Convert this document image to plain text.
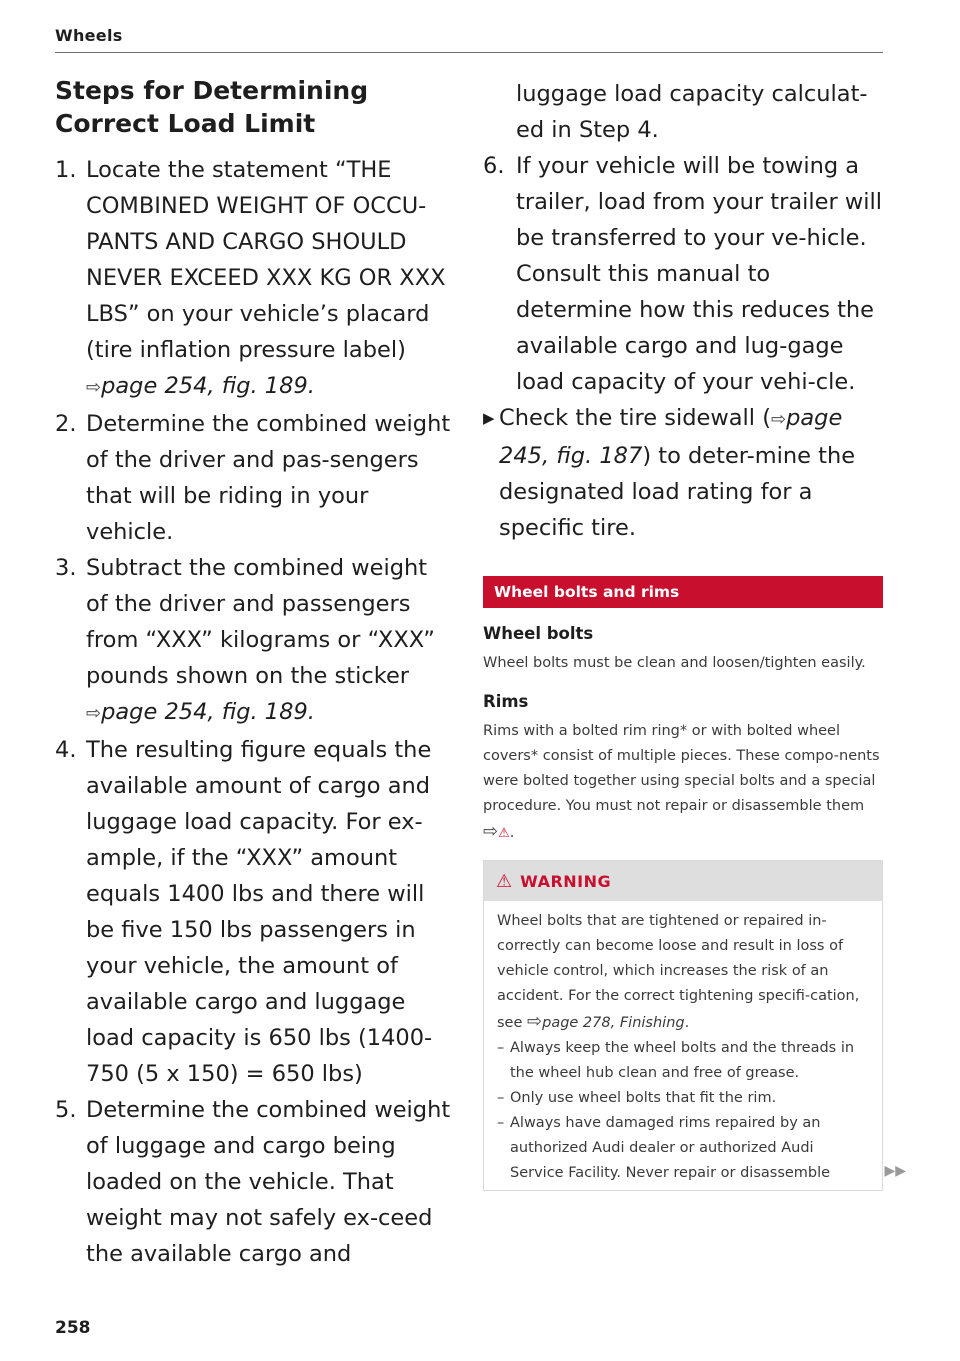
Wheels
Steps for Determining Correct Load Limit
1. Locate the statement “THE COMBINED WEIGHT OF OCCU-PANTS AND CARGO SHOULD NEVER EXCEED XXX KG OR XXX LBS” on your vehicle’s placard (tire inflation pressure label)
⇨page 254, fig. 189.
2. Determine the combined weight of the driver and pas-sengers that will be riding in your vehicle.
3. Subtract the combined weight of the driver and passengers from “XXX” kilograms or “XXX” pounds shown on the sticker
⇨page 254, fig. 189.
4. The resulting figure equals the available amount of cargo and luggage load capacity. For ex-ample, if the “XXX” amount equals 1400 lbs and there will be five 150 lbs passengers in your vehicle, the amount of available cargo and luggage load capacity is 650 lbs (1400-750 (5 x 150) = 650 lbs)
5. Determine the combined weight of luggage and cargo being loaded on the vehicle. That weight may not safely ex-ceed the available cargo and
258
luggage load capacity calculat-ed in Step 4.
6. If your vehicle will be towing a trailer, load from your trailer will be transferred to your ve-hicle. Consult this manual to determine how this reduces the available cargo and lug-gage load capacity of your vehi-cle.
▶ Check the tire sidewall (⇨page 245, fig. 187) to deter-mine the designated load rating for a specific tire.
Wheel bolts and rims
Wheel bolts
Wheel bolts must be clean and loosen/tighten easily.
Rims
Rims with a bolted rim ring* or with bolted wheel covers* consist of multiple pieces. These compo-nents were bolted together using special bolts and a special procedure. You must not repair or disassemble them ⇨⚠.
⚠ WARNING
Wheel bolts that are tightened or repaired in-correctly can become loose and result in loss of vehicle control, which increases the risk of an accident. For the correct tightening specifi-cation, see ⇨page 278, Finishing.
– Always keep the wheel bolts and the threads in the wheel hub clean and free of grease.
– Only use wheel bolts that fit the rim.
– Always have damaged rims repaired by an authorized Audi dealer or authorized Audi Service Facility. Never repair or disassemble	▶▶
